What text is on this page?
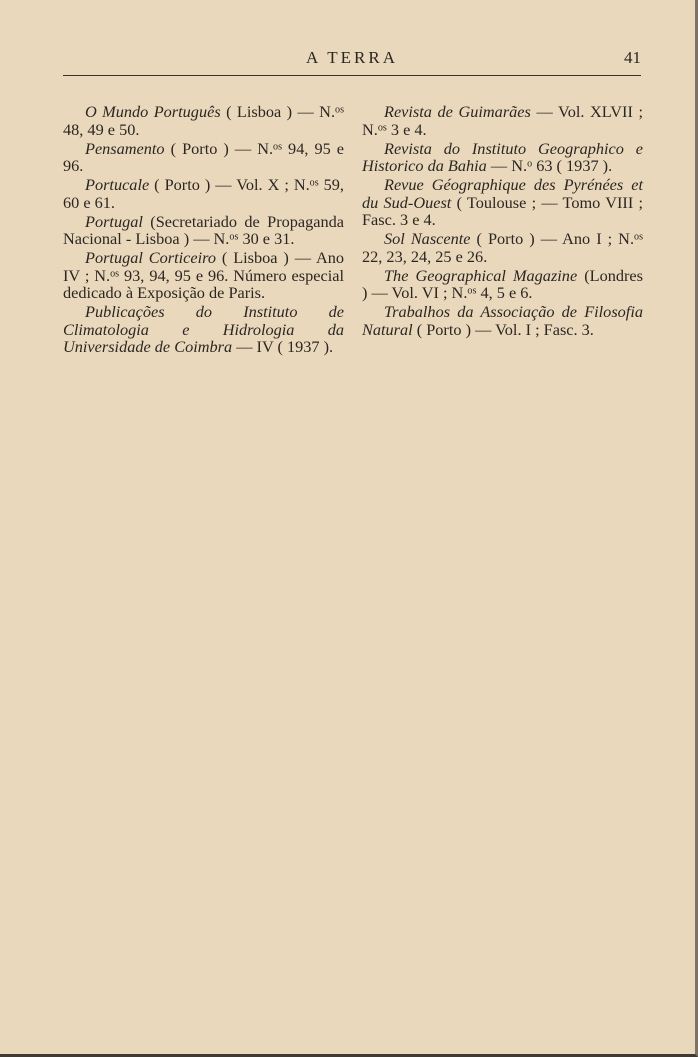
A TERRA	41

O Mundo Português ( Lisboa ) — N.$^{os}$ 48, 49 e 50.

Pensamento ( Porto ) — N.$^{os}$ 94, 95 e 96.

Portucale ( Porto ) — Vol. X ; N.$^{os}$ 59, 60 e 61.

Portugal (Secretariado de Propaganda Nacional - Lisboa ) — N.$^{os}$ 30 e 31.

Portugal Corticeiro ( Lisboa ) — Ano IV ; N.$^{os}$ 93, 94, 95 e 96. Número especial dedicado à Exposição de Paris.

Publicações do Instituto de Climatologia e Hidrologia da Universidade de Coimbra — IV ( 1937 ).

Revista de Guimarães — Vol. XLVII ; N.$^{os}$ 3 e 4.

Revista do Instituto Geographico e Historico da Bahia — N.$^o$ 63 ( 1937 ).

Revue Géographique des Pyrénées et du Sud-Ouest ( Toulouse ; — Tomo VIII ; Fasc. 3 e 4.

Sol Nascente ( Porto ) — Ano I ; N.$^{os}$ 22, 23, 24, 25 e 26.

The Geographical Magazine (Londres ) — Vol. VI ; N.$^{os}$ 4, 5 e 6.

Trabalhos da Associação de Filosofia Natural ( Porto ) — Vol. I ; Fasc. 3.
